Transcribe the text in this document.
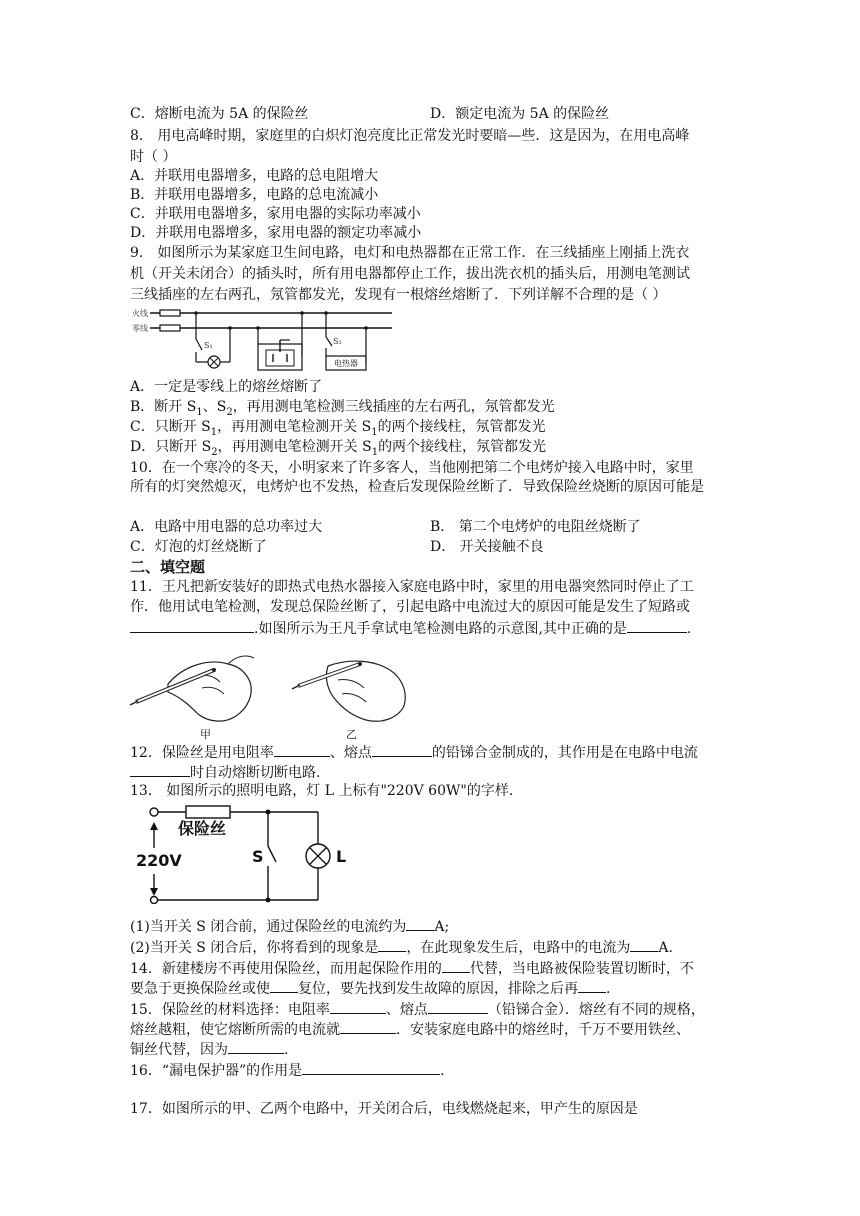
C．熔断电流为 5A 的保险丝	D．额定电流为 5A 的保险丝
8． 用电高峰时期，家庭里的白炽灯泡亮度比正常发光时要暗—些．这是因为，在用电高峰
时（ ）
A．并联用电器增多，电路的总电阻增大
B．并联用电器增多，电路的总电流减小
C．并联用电器增多，家用电器的实际功率减小
D．并联用电器增多，家用电器的额定功率减小
9． 如图所示为某家庭卫生间电路，电灯和电热器都在正常工作．在三线插座上刚插上洗衣
机（开关未闭合）的插头时，所有用电器都停止工作，拔出洗衣机的插头后，用测电笔测试
三线插座的左右两孔，氖管都发光，发现有一根熔丝熔断了．下列详解不合理的是（ ）
火线
零线
S₁	S₂
电热器
A．一定是零线上的熔丝熔断了
B．断开 $S_1$、$S_2$，再用测电笔检测三线插座的左右两孔，氖管都发光
C．只断开 $S_1$，再用测电笔检测开关 $S_1$的两个接线柱，氖管都发光
D．只断开 $S_2$，再用测电笔检测开关 $S_1$的两个接线柱，氖管都发光
10．在一个寒冷的冬天，小明家来了许多客人，当他刚把第二个电烤炉接入电路中时，家里
所有的灯突然熄灭，电烤炉也不发热，检查后发现保险丝断了．导致保险丝烧断的原因可能是
A．电路中用电器的总功率过大	B． 第二个电烤炉的电阻丝烧断了
C．灯泡的灯丝烧断了	D． 开关接触不良
二、填空题
11．王凡把新安装好的即热式电热水器接入家庭电路中时，家里的用电器突然同时停止了工
作．他用试电笔检测，发现总保险丝断了，引起电路中电流过大的原因可能是发生了短路或
.如图所示为王凡手拿试电笔检测电路的示意图,其中正确的是	.
甲	乙
12．保险丝是用电阻率	、熔点	的铅锑合金制成的，其作用是在电路中电流
时自动熔断切断电路．
13． 如图所示的照明电路，灯 L 上标有"220V 60W"的字样．
保险丝
220V	S	L
(1)当开关 S 闭合前，通过保险丝的电流约为 A;
(2)当开关 S 闭合后，你将看到的现象是 ，在此现象发生后，电路中的电流为 A.
14．新建楼房不再使用保险丝，而用起保险作用的 代替，当电路被保险装置切断时，不
要急于更换保险丝或使 复位，要先找到发生故障的原因，排除之后再 .
15．保险丝的材料选择：电阻率	、熔点	（铅锑合金）．熔丝有不同的规格，
熔丝越粗，使它熔断所需的电流就	．安装家庭电路中的熔丝时，千万不要用铁丝、
铜丝代替，因为	.
16．“漏电保护器”的作用是	.
17．如图所示的甲、乙两个电路中，开关闭合后，电线燃烧起来，甲产生的原因是
